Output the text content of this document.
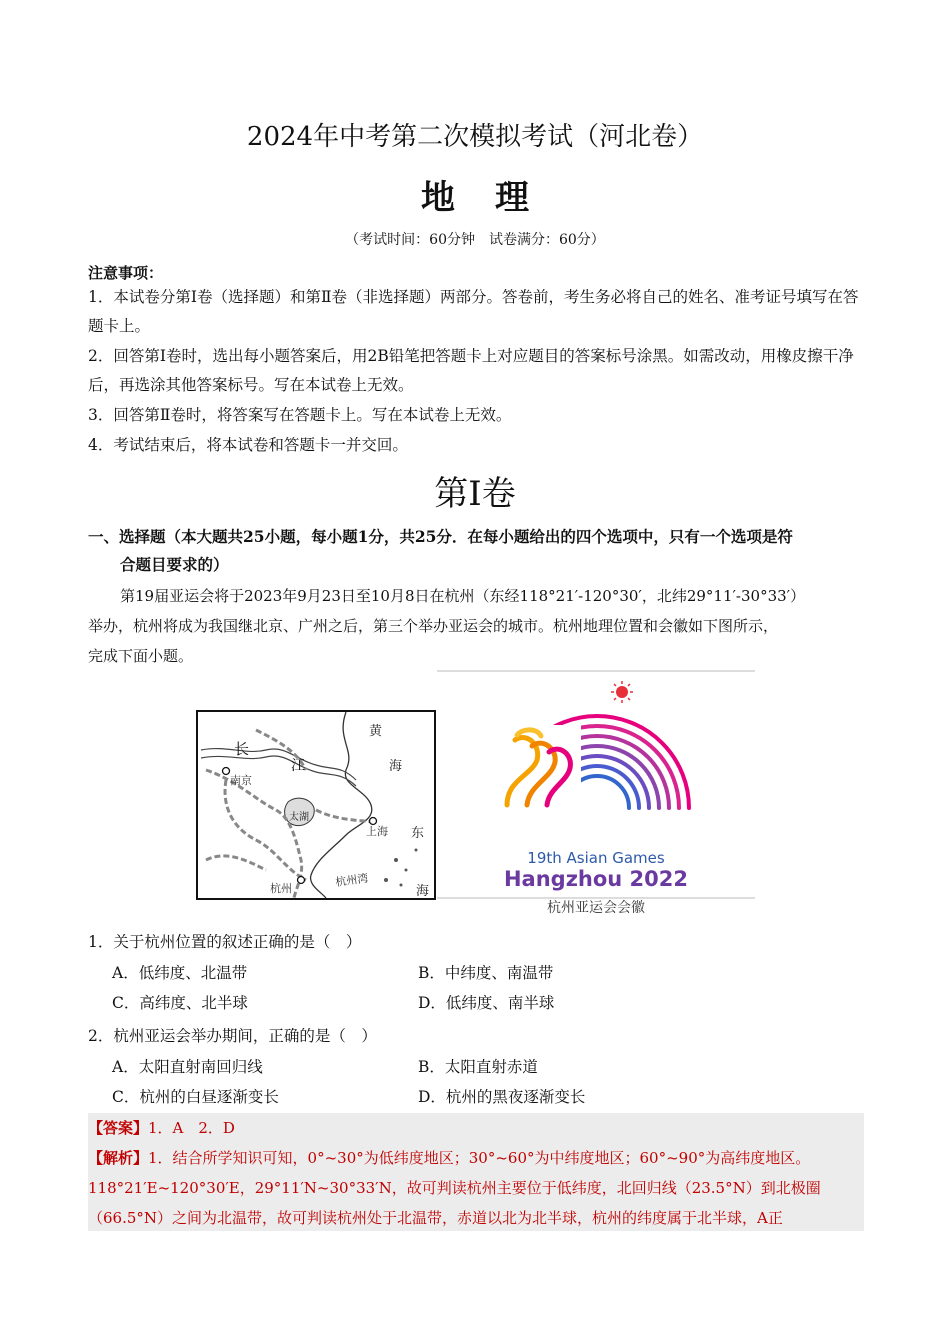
2024年中考第二次模拟考试（河北卷）
地理
（考试时间：60分钟　试卷满分：60分）
注意事项：
1．本试卷分第Ⅰ卷（选择题）和第Ⅱ卷（非选择题）两部分。答卷前，考生务必将自己的姓名、准考证号填写在答题卡上。
2．回答第Ⅰ卷时，选出每小题答案后，用2B铅笔把答题卡上对应题目的答案标号涂黑。如需改动，用橡皮擦干净后，再选涂其他答案标号。写在本试卷上无效。
3．回答第Ⅱ卷时，将答案写在答题卡上。写在本试卷上无效。
4．考试结束后，将本试卷和答题卡一并交回。
第Ⅰ卷
一、选择题（本大题共25小题，每小题1分，共25分．在每小题给出的四个选项中，只有一个选项是符
合题目要求的）
第19届亚运会将于2023年9月23日至10月8日在杭州（东经118°21′-120°30′，北纬29°11′-30°33′）
举办，杭州将成为我国继北京、广州之后，第三个举办亚运会的城市。杭州地理位置和会徽如下图所示，
完成下面小题。
黄
海
长
江
南京
太湖
上海 东
海
杭州
杭州湾
19th Asian Games
Hangzhou 2022
杭州亚运会会徽
1．关于杭州位置的叙述正确的是（　）
A．低纬度、北温带	B．中纬度、南温带
C．高纬度、北半球	D．低纬度、南半球
2．杭州亚运会举办期间，正确的是（　）
A．太阳直射南回归线	B．太阳直射赤道
C．杭州的白昼逐渐变长	D．杭州的黑夜逐渐变长
【答案】1．A　2．D
【解析】1．结合所学知识可知，0°~30°为低纬度地区；30°~60°为中纬度地区；60°~90°为高纬度地区。
118°21′E~120°30′E，29°11′N~30°33′N，故可判读杭州主要位于低纬度，北回归线（23.5°N）到北极圈
（66.5°N）之间为北温带，故可判读杭州处于北温带，赤道以北为北半球，杭州的纬度属于北半球，A正
